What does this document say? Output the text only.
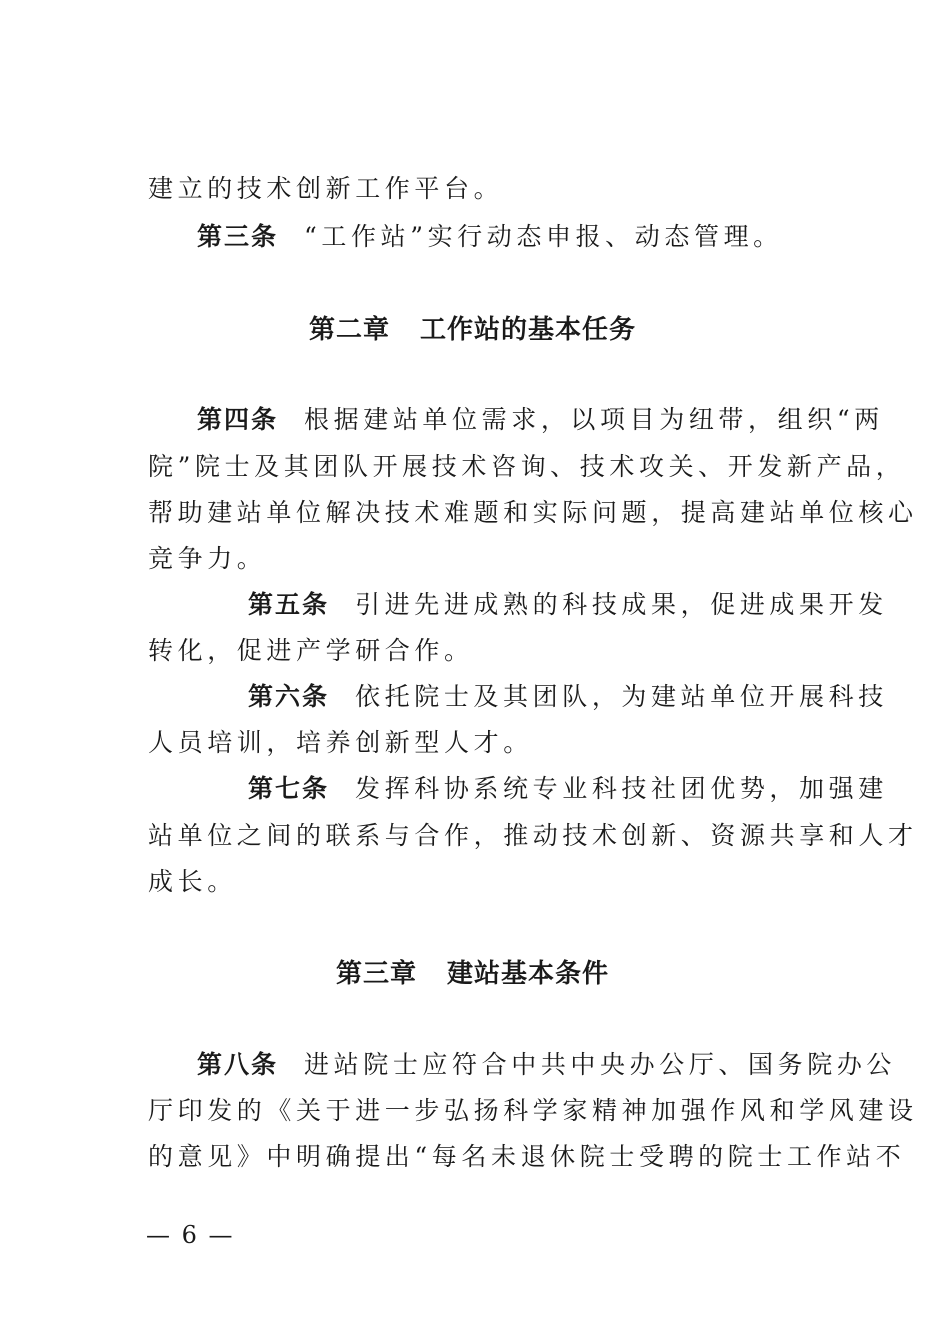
建立的技术创新工作平台。
第三条 “工作站”实行动态申报、动态管理。
第二章 工作站的基本任务
第四条 根据建站单位需求，以项目为纽带，组织“两
院”院士及其团队开展技术咨询、技术攻关、开发新产品，
帮助建站单位解决技术难题和实际问题，提高建站单位核心
竞争力。
第五条 引进先进成熟的科技成果，促进成果开发
转化，促进产学研合作。
第六条 依托院士及其团队，为建站单位开展科技
人员培训，培养创新型人才。
第七条 发挥科协系统专业科技社团优势，加强建
站单位之间的联系与合作，推动技术创新、资源共享和人才
成长。
第三章 建站基本条件
第八条 进站院士应符合中共中央办公厅、国务院办公
厅印发的《关于进一步弘扬科学家精神加强作风和学风建设
的意见》中明确提出“每名未退休院士受聘的院士工作站不
— 6 —
